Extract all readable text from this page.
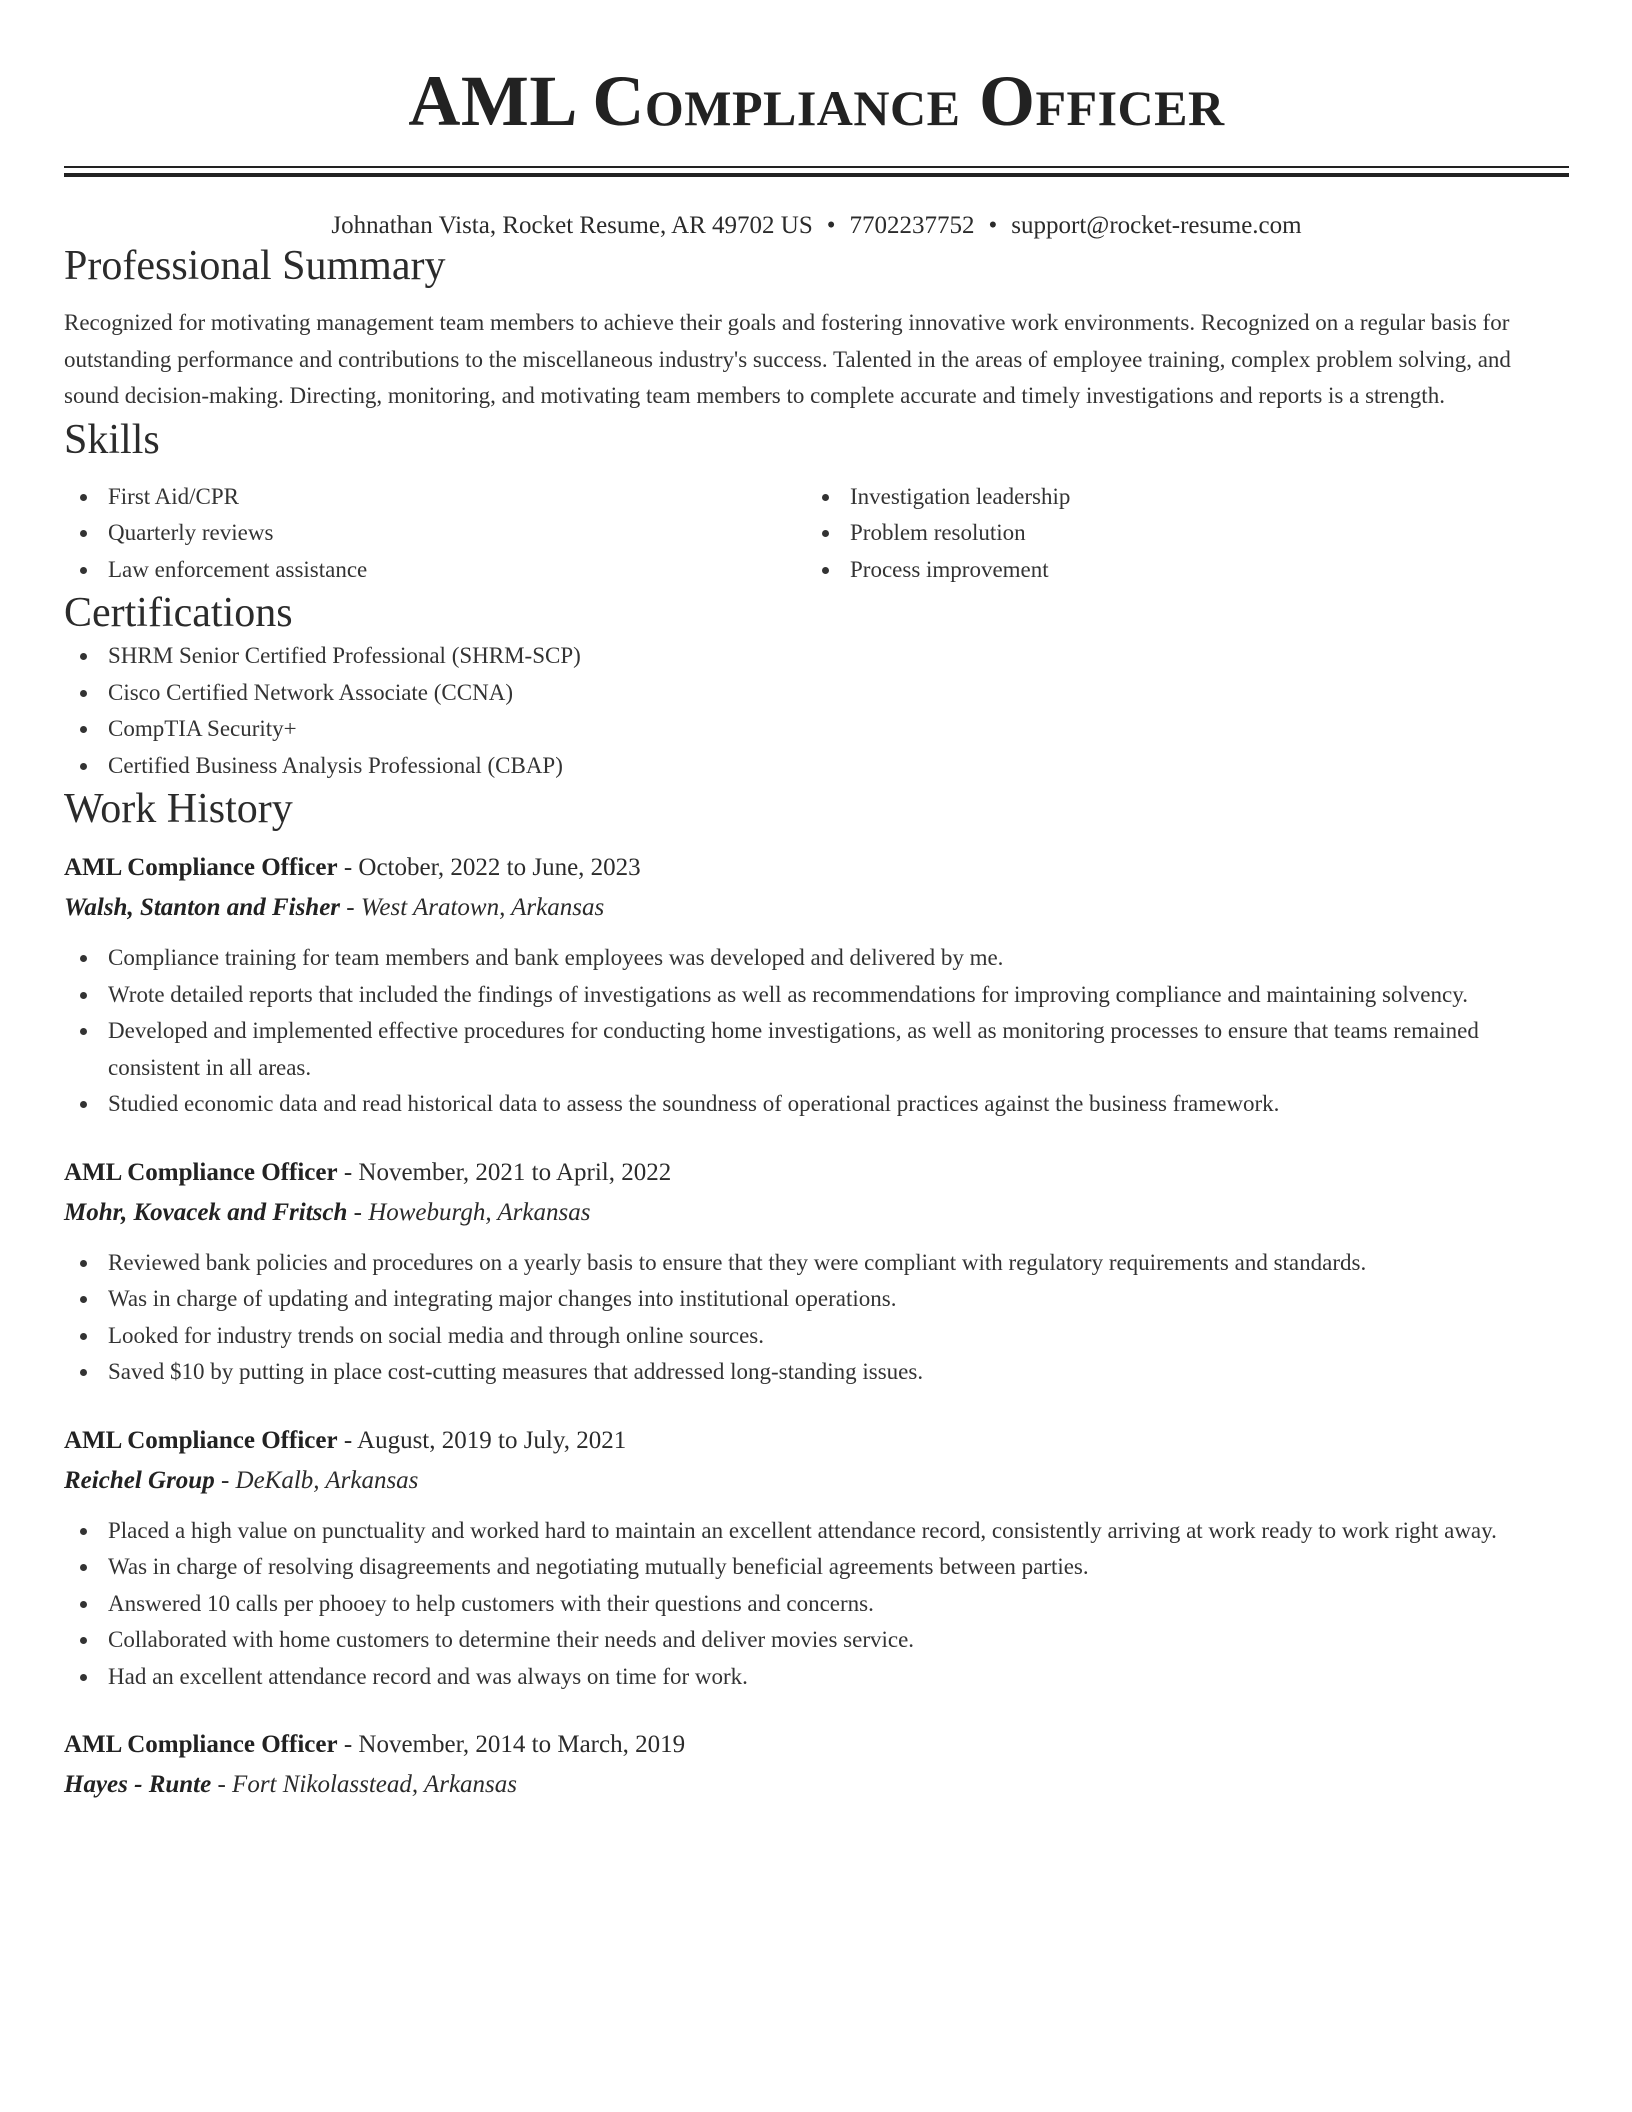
AML Compliance Officer
Johnathan Vista, Rocket Resume, AR 49702 US • 7702237752 • support@rocket-resume.com
Professional Summary

Recognized for motivating management team members to achieve their goals and fostering innovative work environments. Recognized on a regular basis for outstanding performance and contributions to the miscellaneous industry's success. Talented in the areas of employee training, complex problem solving, and sound decision-making. Directing, monitoring, and motivating team members to complete accurate and timely investigations and reports is a strength.

Skills
First Aid/CPR
Quarterly reviews
Law enforcement assistance
Investigation leadership
Problem resolution
Process improvement
Certifications
SHRM Senior Certified Professional (SHRM-SCP)
Cisco Certified Network Associate (CCNA)
CompTIA Security+
Certified Business Analysis Professional (CBAP)
Work History
AML Compliance Officer - October, 2022 to June, 2023
Walsh, Stanton and Fisher - West Aratown, Arkansas
Compliance training for team members and bank employees was developed and delivered by me.
Wrote detailed reports that included the findings of investigations as well as recommendations for improving compliance and maintaining solvency.
Developed and implemented effective procedures for conducting home investigations, as well as monitoring processes to ensure that teams remained consistent in all areas.
Studied economic data and read historical data to assess the soundness of operational practices against the business framework.
AML Compliance Officer - November, 2021 to April, 2022
Mohr, Kovacek and Fritsch - Howeburgh, Arkansas
Reviewed bank policies and procedures on a yearly basis to ensure that they were compliant with regulatory requirements and standards.
Was in charge of updating and integrating major changes into institutional operations.
Looked for industry trends on social media and through online sources.
Saved $10 by putting in place cost-cutting measures that addressed long-standing issues.
AML Compliance Officer - August, 2019 to July, 2021
Reichel Group - DeKalb, Arkansas
Placed a high value on punctuality and worked hard to maintain an excellent attendance record, consistently arriving at work ready to work right away.
Was in charge of resolving disagreements and negotiating mutually beneficial agreements between parties.
Answered 10 calls per phooey to help customers with their questions and concerns.
Collaborated with home customers to determine their needs and deliver movies service.
Had an excellent attendance record and was always on time for work.
AML Compliance Officer - November, 2014 to March, 2019
Hayes - Runte - Fort Nikolasstead, Arkansas
